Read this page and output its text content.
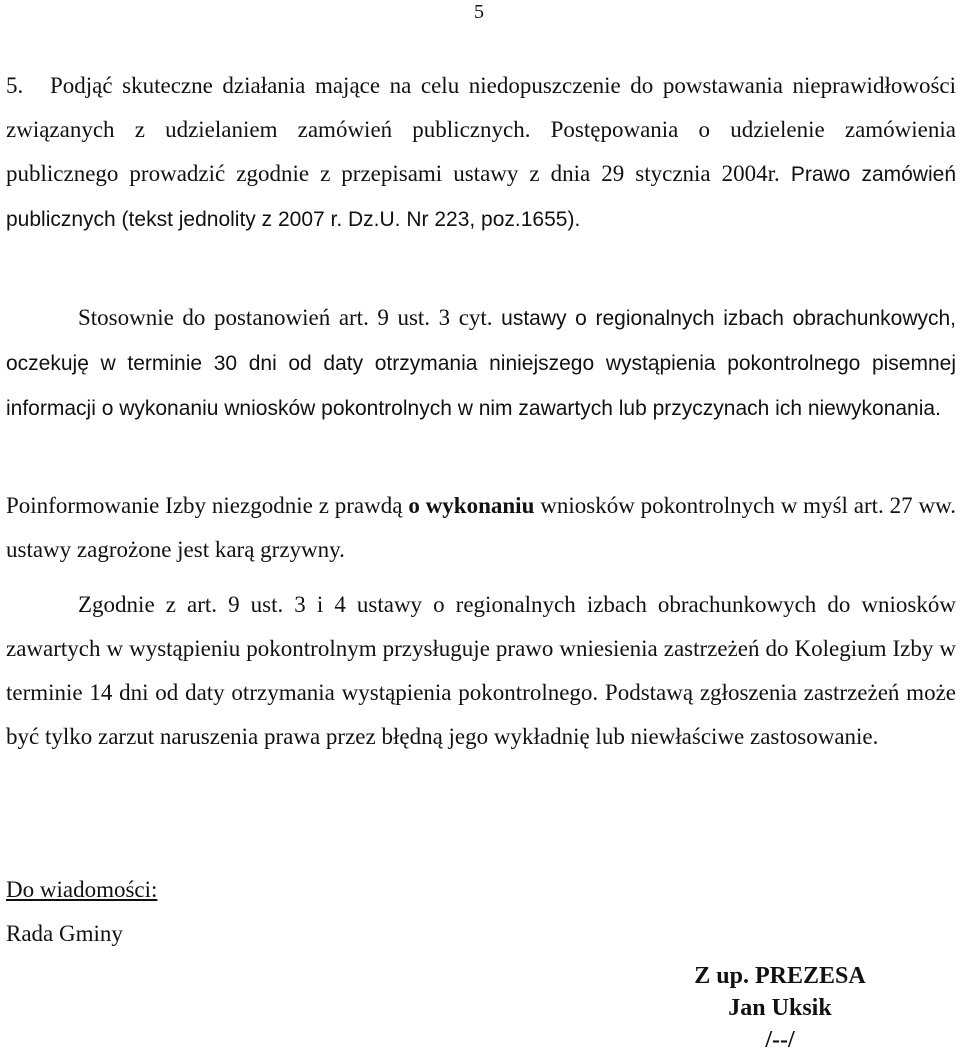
5

5. Podjąć skuteczne działania mające na celu niedopuszczenie do powstawania nieprawidłowości związanych z udzielaniem zamówień publicznych. Postępowania o udzielenie zamówienia publicznego prowadzić zgodnie z przepisami ustawy z dnia 29 stycznia 2004r. Prawo zamówień publicznych (tekst jednolity z 2007 r. Dz.U. Nr 223, poz.1655).

Stosownie do postanowień art. 9 ust. 3 cyt. ustawy o regionalnych izbach obrachunkowych, oczekuję w terminie 30 dni od daty otrzymania niniejszego wystąpienia pokontrolnego pisemnej informacji o wykonaniu wniosków pokontrolnych w nim zawartych lub przyczynach ich niewykonania.

Poinformowanie Izby niezgodnie z prawdą o wykonaniu wniosków pokontrolnych w myśl art. 27 ww. ustawy zagrożone jest karą grzywny.

Zgodnie z art. 9 ust. 3 i 4 ustawy o regionalnych izbach obrachunkowych do wniosków zawartych w wystąpieniu pokontrolnym przysługuje prawo wniesienia zastrzeżeń do Kolegium Izby w terminie 14 dni od daty otrzymania wystąpienia pokontrolnego. Podstawą zgłoszenia zastrzeżeń może być tylko zarzut naruszenia prawa przez błędną jego wykładnię lub niewłaściwe zastosowanie.

Do wiadomości:

Rada Gminy

Z up. PREZESA
Jan Uksik
/--/
